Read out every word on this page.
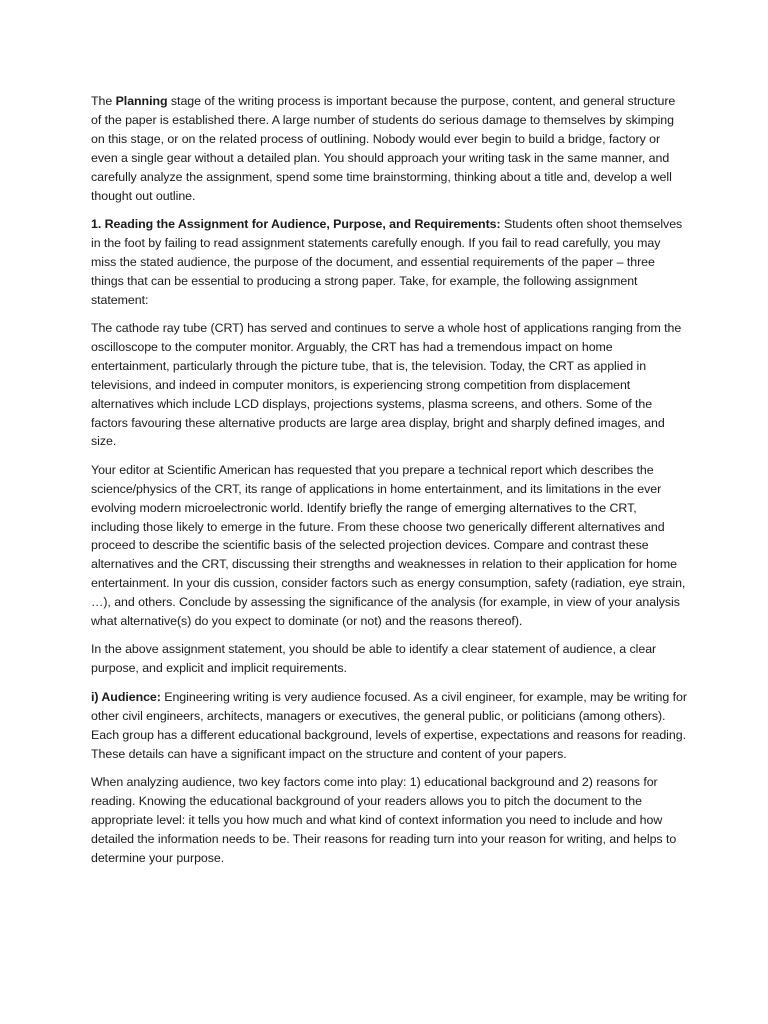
The Planning stage of the writing process is important because the purpose, content, and general structure of the paper is established there. A large number of students do serious damage to themselves by skimping on this stage, or on the related process of outlining. Nobody would ever begin to build a bridge, factory or even a single gear without a detailed plan. You should approach your writing task in the same manner, and carefully analyze the assignment, spend some time brainstorming, thinking about a title and, develop a well thought out outline.

1. Reading the Assignment for Audience, Purpose, and Requirements: Students often shoot themselves in the foot by failing to read assignment statements carefully enough. If you fail to read carefully, you may miss the stated audience, the purpose of the document, and essential requirements of the paper – three things that can be essential to producing a strong paper. Take, for example, the following assignment statement:

The cathode ray tube (CRT) has served and continues to serve a whole host of applications ranging from the oscilloscope to the computer monitor. Arguably, the CRT has had a tremendous impact on home entertainment, particularly through the picture tube, that is, the television. Today, the CRT as applied in televisions, and indeed in computer monitors, is experiencing strong competition from displacement alternatives which include LCD displays, projections systems, plasma screens, and others. Some of the factors favouring these alternative products are large area display, bright and sharply defined images, and size.

Your editor at Scientific American has requested that you prepare a technical report which describes the science/physics of the CRT, its range of applications in home entertainment, and its limitations in the ever evolving modern microelectronic world. Identify briefly the range of emerging alternatives to the CRT, including those likely to emerge in the future. From these choose two generically different alternatives and proceed to describe the scientific basis of the selected projection devices. Compare and contrast these alternatives and the CRT, discussing their strengths and weaknesses in relation to their application for home entertainment. In your dis cussion, consider factors such as energy consumption, safety (radiation, eye strain, …), and others. Conclude by assessing the significance of the analysis (for example, in view of your analysis what alternative(s) do you expect to dominate (or not) and the reasons thereof).

In the above assignment statement, you should be able to identify a clear statement of audience, a clear purpose, and explicit and implicit requirements.

i) Audience: Engineering writing is very audience focused. As a civil engineer, for example, may be writing for other civil engineers, architects, managers or executives, the general public, or politicians (among others). Each group has a different educational background, levels of expertise, expectations and reasons for reading. These details can have a significant impact on the structure and content of your papers.

When analyzing audience, two key factors come into play: 1) educational background and 2) reasons for reading. Knowing the educational background of your readers allows you to pitch the document to the appropriate level: it tells you how much and what kind of context information you need to include and how detailed the information needs to be. Their reasons for reading turn into your reason for writing, and helps to determine your purpose.
